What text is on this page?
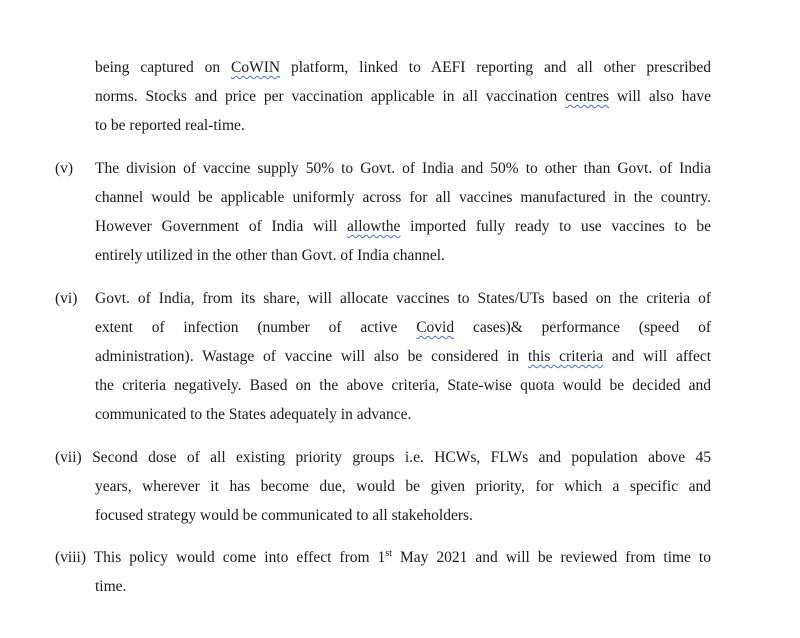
being captured on CoWIN platform, linked to AEFI reporting and all other prescribed
norms. Stocks and price per vaccination applicable in all vaccination centres will also have
to be reported real-time.
(v) The division of vaccine supply 50% to Govt. of India and 50% to other than Govt. of India
channel would be applicable uniformly across for all vaccines manufactured in the country.
However Government of India will allowthe imported fully ready to use vaccines to be
entirely utilized in the other than Govt. of India channel.
(vi) Govt. of India, from its share, will allocate vaccines to States/UTs based on the criteria of
extent of infection (number of active Covid cases)& performance (speed of
administration). Wastage of vaccine will also be considered in this criteria and will affect
the criteria negatively. Based on the above criteria, State-wise quota would be decided and
communicated to the States adequately in advance.
(vii) Second dose of all existing priority groups i.e. HCWs, FLWs and population above 45
years, wherever it has become due, would be given priority, for which a specific and
focused strategy would be communicated to all stakeholders.
(viii) This policy would come into effect from 1st May 2021 and will be reviewed from time to
time.
